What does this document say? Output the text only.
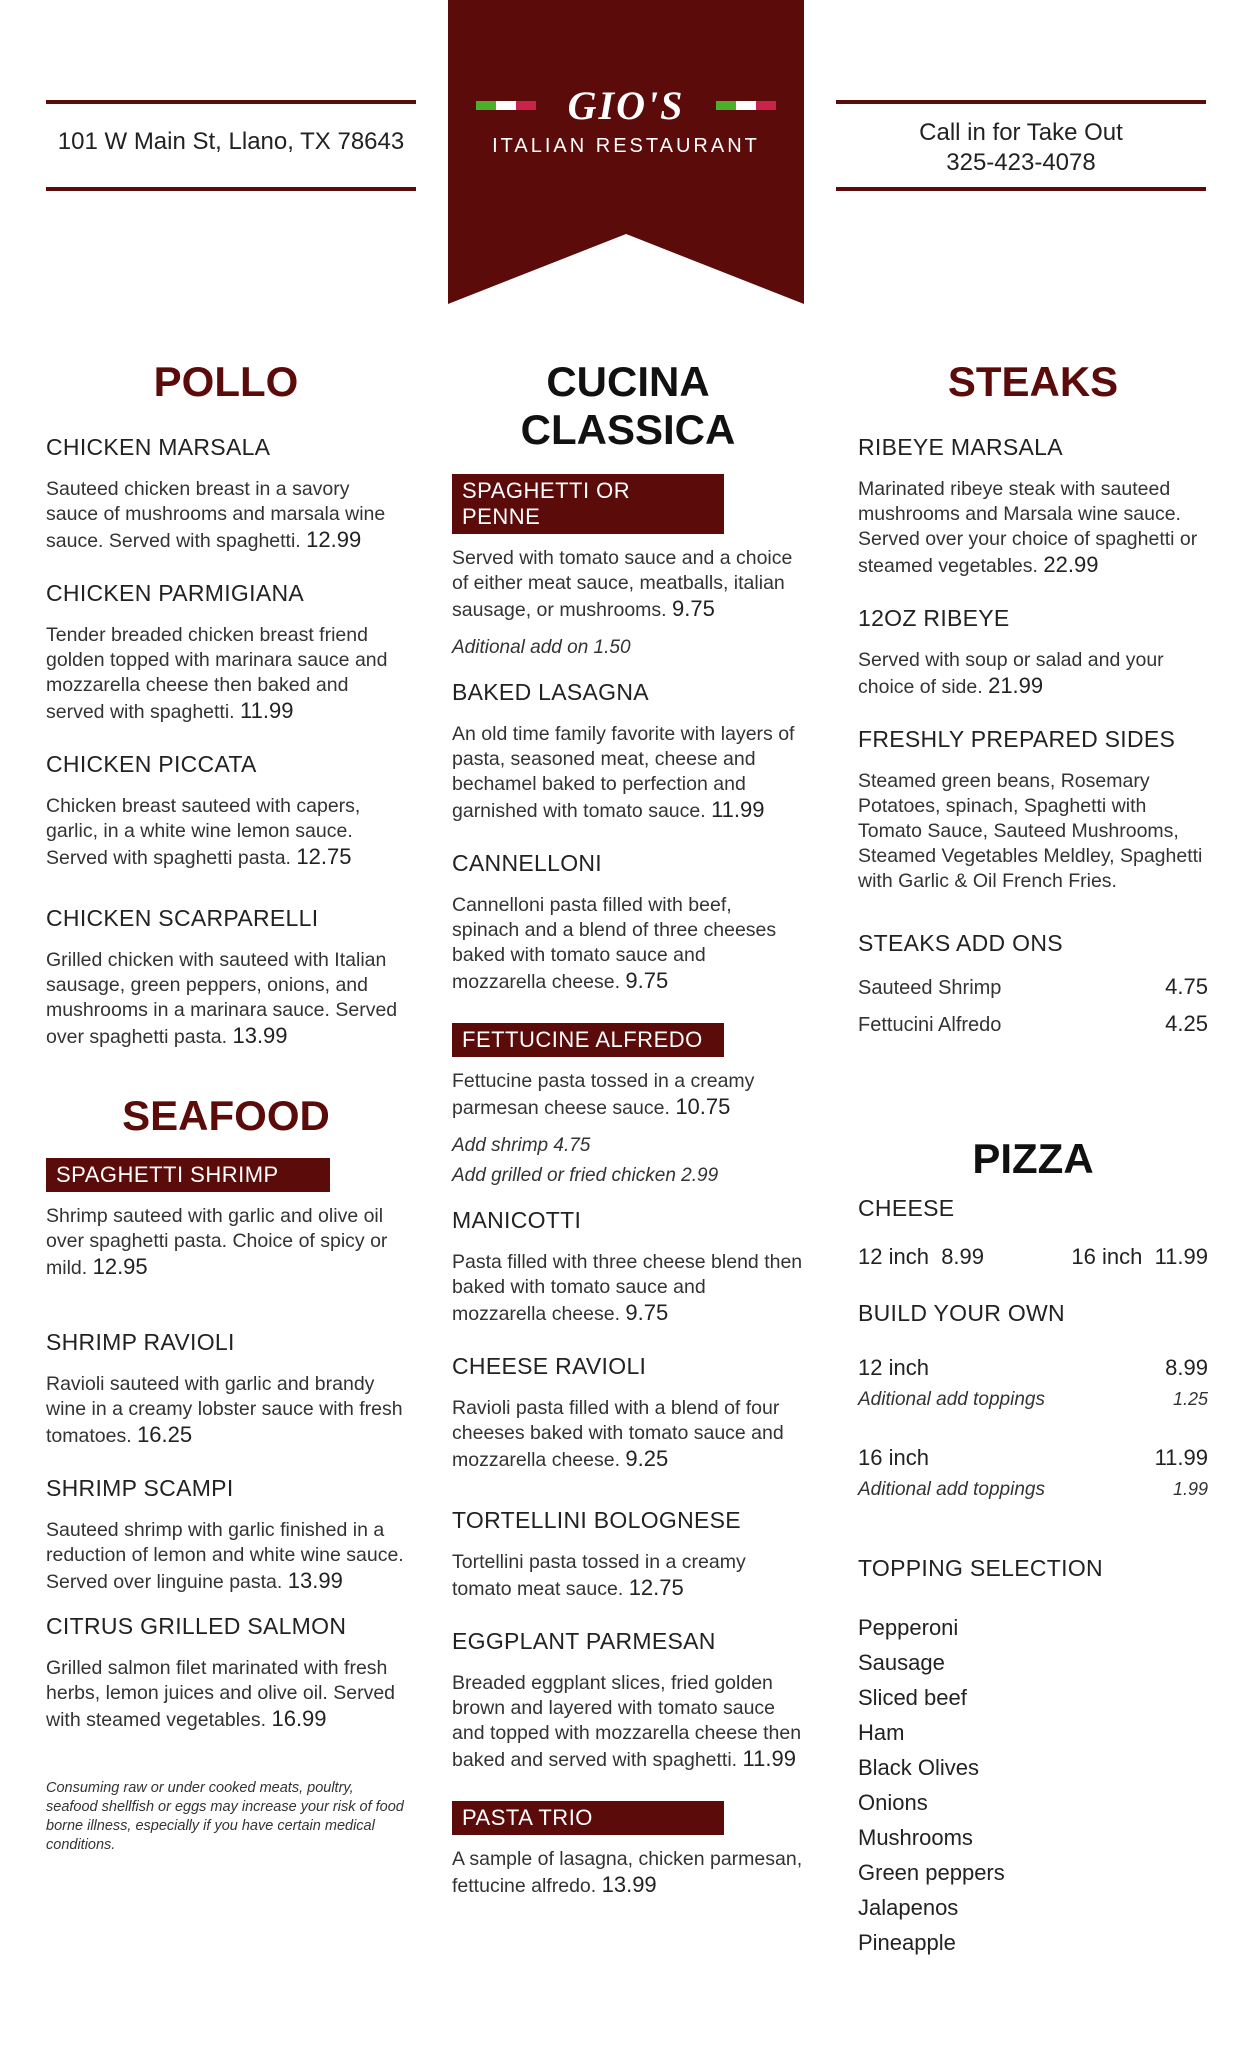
101 W Main St, Llano, TX 78643	Call in for Take Out
325-423-4078
GIO'S
ITALIAN RESTAURANT
POLLO
CHICKEN MARSALA
Sauteed chicken breast in a savory sauce of mushrooms and marsala wine sauce. Served with spaghetti. 12.99
CHICKEN PARMIGIANA
Tender breaded chicken breast friend golden topped with marinara sauce and mozzarella cheese then baked and served with spaghetti. 11.99
CHICKEN PICCATA
Chicken breast sauteed with capers, garlic, in a white wine lemon sauce. Served with spaghetti pasta. 12.75
CHICKEN SCARPARELLI
Grilled chicken with sauteed with Italian sausage, green peppers, onions, and mushrooms in a marinara sauce. Served over spaghetti pasta. 13.99
SEAFOOD
SPAGHETTI SHRIMP
Shrimp sauteed with garlic and olive oil over spaghetti pasta. Choice of spicy or mild. 12.95
SHRIMP RAVIOLI
Ravioli sauteed with garlic and brandy wine in a creamy lobster sauce with fresh tomatoes. 16.25
SHRIMP SCAMPI
Sauteed shrimp with garlic finished in a reduction of lemon and white wine sauce. Served over linguine pasta. 13.99
CITRUS GRILLED SALMON
Grilled salmon filet marinated with fresh herbs, lemon juices and olive oil. Served with steamed vegetables. 16.99
Consuming raw or under cooked meats, poultry, seafood shellfish or eggs may increase your risk of food borne illness, especially if you have certain medical conditions.
CUCINA
CLASSICA
SPAGHETTI OR PENNE
Served with tomato sauce and a choice of either meat sauce, meatballs, italian sausage, or mushrooms. 9.75
Aditional add on 1.50
BAKED LASAGNA
An old time family favorite with layers of pasta, seasoned meat, cheese and bechamel baked to perfection and garnished with tomato sauce. 11.99
CANNELLONI
Cannelloni pasta filled with beef, spinach and a blend of three cheeses baked with tomato sauce and mozzarella cheese. 9.75
FETTUCINE ALFREDO
Fettucine pasta tossed in a creamy parmesan cheese sauce. 10.75
Add shrimp 4.75
Add grilled or fried chicken 2.99
MANICOTTI
Pasta filled with three cheese blend then baked with tomato sauce and mozzarella cheese. 9.75
CHEESE RAVIOLI
Ravioli pasta filled with a blend of four cheeses baked with tomato sauce and mozzarella cheese. 9.25
TORTELLINI BOLOGNESE
Tortellini pasta tossed in a creamy tomato meat sauce. 12.75
EGGPLANT PARMESAN
Breaded eggplant slices, fried golden brown and layered with tomato sauce and topped with mozzarella cheese then baked and served with spaghetti. 11.99
PASTA TRIO
A sample of lasagna, chicken parmesan, fettucine alfredo. 13.99
STEAKS
RIBEYE MARSALA
Marinated ribeye steak with sauteed mushrooms and Marsala wine sauce. Served over your choice of spaghetti or steamed vegetables. 22.99
12OZ RIBEYE
Served with soup or salad and your choice of side. 21.99
FRESHLY PREPARED SIDES
Steamed green beans, Rosemary Potatoes, spinach, Spaghetti with Tomato Sauce, Sauteed Mushrooms, Steamed Vegetables Meldley, Spaghetti with Garlic & Oil French Fries.
STEAKS ADD ONS
Sauteed Shrimp	4.75
Fettucini Alfredo	4.25
PIZZA
CHEESE
12 inch 8.99	16 inch 11.99
BUILD YOUR OWN
12 inch	8.99
Aditional add toppings	1.25
16 inch	11.99
Aditional add toppings	1.99
TOPPING SELECTION
Pepperoni
Sausage
Sliced beef
Ham
Black Olives
Onions
Mushrooms
Green peppers
Jalapenos
Pineapple
